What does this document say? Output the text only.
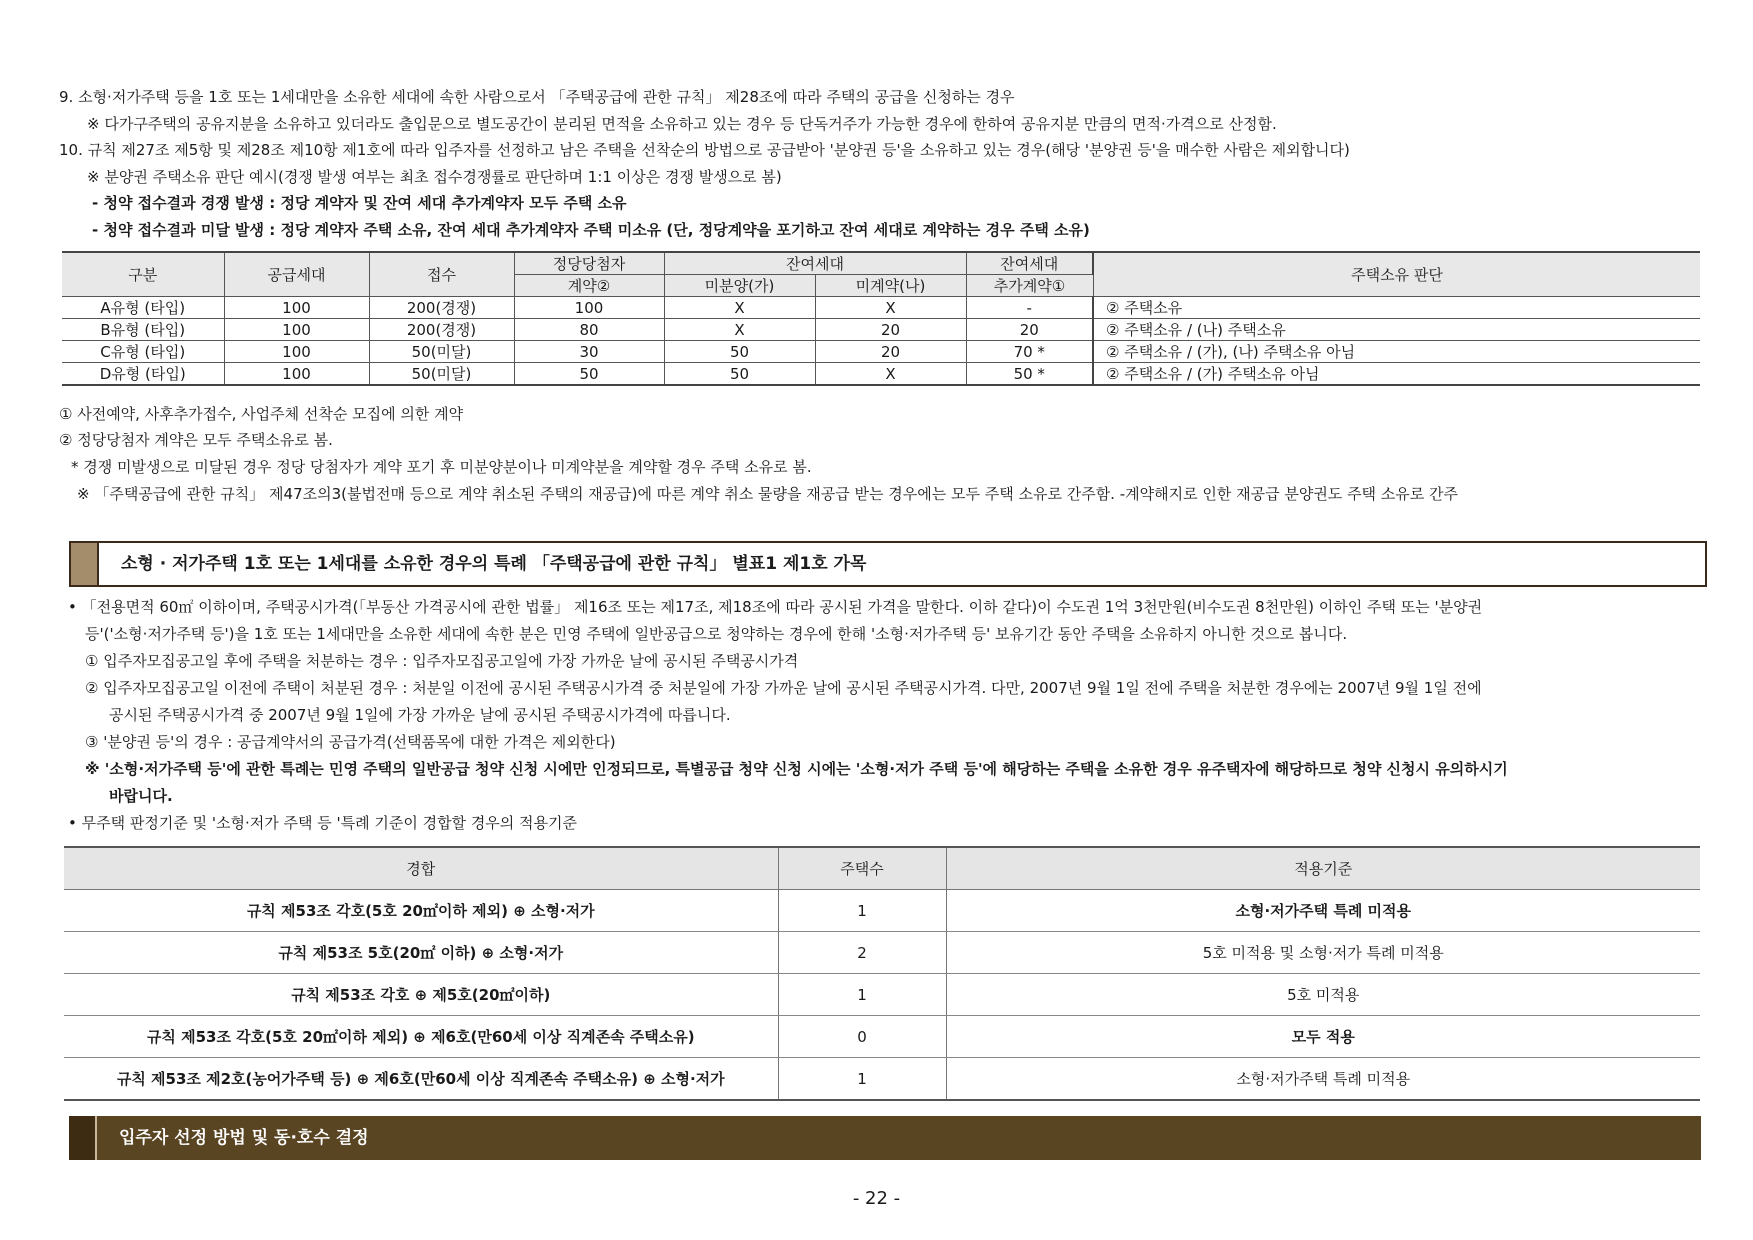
9. 소형·저가주택 등을 1호 또는 1세대만을 소유한 세대에 속한 사람으로서 「주택공급에 관한 규칙」 제28조에 따라 주택의 공급을 신청하는 경우
※ 다가구주택의 공유지분을 소유하고 있더라도 출입문으로 별도공간이 분리된 면적을 소유하고 있는 경우 등 단독거주가 가능한 경우에 한하여 공유지분 만큼의 면적·가격으로 산정함.
10. 규칙 제27조 제5항 및 제28조 제10항 제1호에 따라 입주자를 선정하고 남은 주택을 선착순의 방법으로 공급받아 '분양권 등'을 소유하고 있는 경우(해당 '분양권 등'을 매수한 사람은 제외합니다)
※ 분양권 주택소유 판단 예시(경쟁 발생 여부는 최초 접수경쟁률로 판단하며 1:1 이상은 경쟁 발생으로 봄)
- 청약 접수결과 경쟁 발생 : 정당 계약자 및 잔여 세대 추가계약자 모두 주택 소유
- 청약 접수결과 미달 발생 : 정당 계약자 주택 소유, 잔여 세대 추가계약자 주택 미소유 (단, 정당계약을 포기하고 잔여 세대로 계약하는 경우 주택 소유)
구분	공급세대	접수	정당당첨자	잔여세대		잔여세대	주택소유 판단
			계약②	미분양(가)	미계약(나)	추가계약①	
A유형 (타입)	100	200(경쟁)	100	X	X	-	② 주택소유
B유형 (타입)	100	200(경쟁)	80	X	20	20	② 주택소유 / (나) 주택소유
C유형 (타입)	100	50(미달)	30	50	20	70 *	② 주택소유 / (가), (나) 주택소유 아님
D유형 (타입)	100	50(미달)	50	50	X	50 *	② 주택소유 / (가) 주택소유 아님
① 사전예약, 사후추가접수, 사업주체 선착순 모집에 의한 계약
② 정당당첨자 계약은 모두 주택소유로 봄.
* 경쟁 미발생으로 미달된 경우 정당 당첨자가 계약 포기 후 미분양분이나 미계약분을 계약할 경우 주택 소유로 봄.
※ 「주택공급에 관한 규칙」 제47조의3(불법전매 등으로 계약 취소된 주택의 재공급)에 따른 계약 취소 물량을 재공급 받는 경우에는 모두 주택 소유로 간주함. -계약해지로 인한 재공급 분양권도 주택 소유로 간주
소형 · 저가주택 1호 또는 1세대를 소유한 경우의 특례 「주택공급에 관한 규칙」 별표1 제1호 가목
• 「전용면적 60㎡ 이하이며, 주택공시가격(「부동산 가격공시에 관한 법률」 제16조 또는 제17조, 제18조에 따라 공시된 가격을 말한다. 이하 같다)이 수도권 1억 3천만원(비수도권 8천만원) 이하인 주택 또는 '분양권
등'('소형·저가주택 등')을 1호 또는 1세대만을 소유한 세대에 속한 분은 민영 주택에 일반공급으로 청약하는 경우에 한해 '소형·저가주택 등' 보유기간 동안 주택을 소유하지 아니한 것으로 봅니다.
① 입주자모집공고일 후에 주택을 처분하는 경우 : 입주자모집공고일에 가장 가까운 날에 공시된 주택공시가격
② 입주자모집공고일 이전에 주택이 처분된 경우 : 처분일 이전에 공시된 주택공시가격 중 처분일에 가장 가까운 날에 공시된 주택공시가격. 다만, 2007년 9월 1일 전에 주택을 처분한 경우에는 2007년 9월 1일 전에
공시된 주택공시가격 중 2007년 9월 1일에 가장 가까운 날에 공시된 주택공시가격에 따릅니다.
③ '분양권 등'의 경우 : 공급계약서의 공급가격(선택품목에 대한 가격은 제외한다)
※ '소형·저가주택 등'에 관한 특례는 민영 주택의 일반공급 청약 신청 시에만 인정되므로, 특별공급 청약 신청 시에는 '소형·저가 주택 등'에 해당하는 주택을 소유한 경우 유주택자에 해당하므로 청약 신청시 유의하시기
바랍니다.
• 무주택 판정기준 및 '소형·저가 주택 등 '특례 기준이 경합할 경우의 적용기준
경합	주택수	적용기준
규칙 제53조 각호(5호 20㎡이하 제외) ⊕ 소형·저가	1	소형·저가주택 특례 미적용
규칙 제53조 5호(20㎡ 이하) ⊕ 소형·저가	2	5호 미적용 및 소형·저가 특례 미적용
규칙 제53조 각호 ⊕ 제5호(20㎡이하)	1	5호 미적용
규칙 제53조 각호(5호 20㎡이하 제외) ⊕ 제6호(만60세 이상 직계존속 주택소유)	0	모두 적용
규칙 제53조 제2호(농어가주택 등) ⊕ 제6호(만60세 이상 직계존속 주택소유) ⊕ 소형·저가	1	소형·저가주택 특례 미적용
입주자 선정 방법 및 동·호수 결정
- 22 -
